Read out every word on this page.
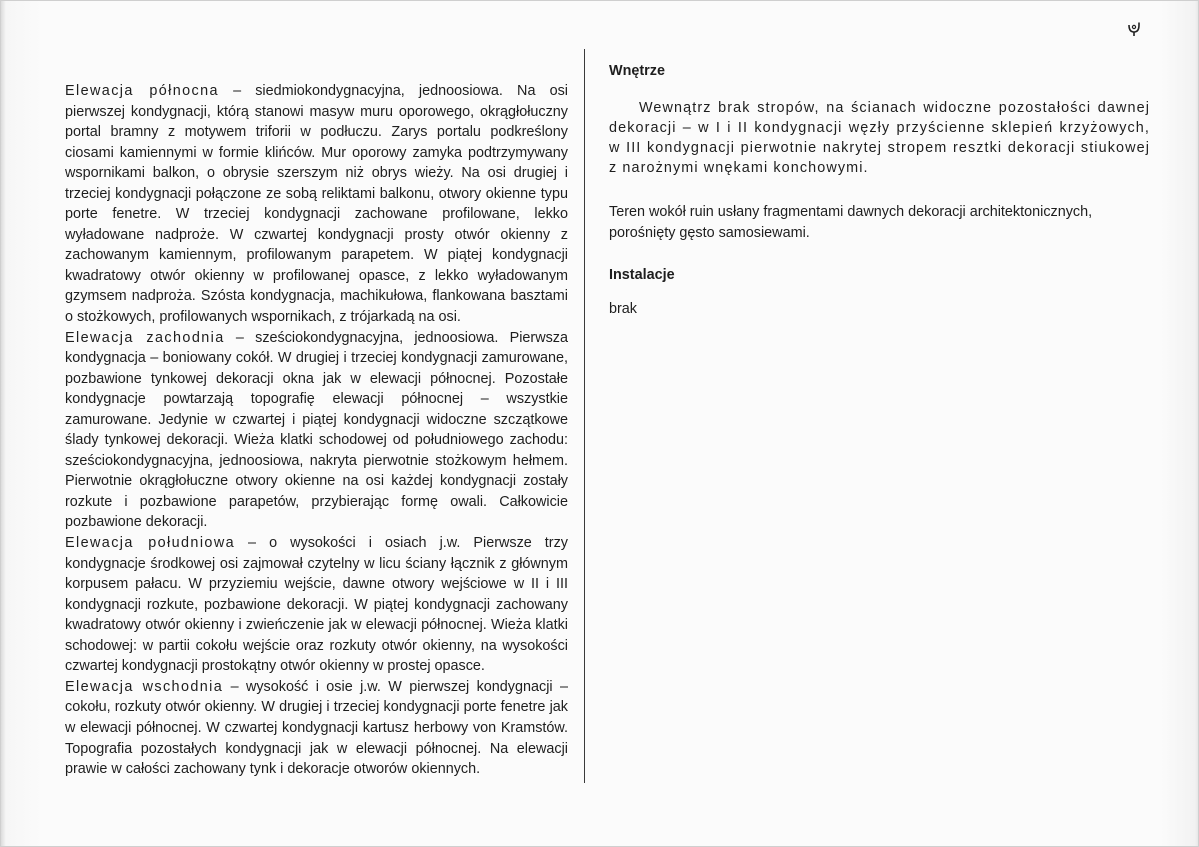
Elewacja północna – siedmiokondygnacyjna, jednoosiowa. Na osi pierwszej kondygnacji, którą stanowi masyw muru oporowego, okrągłołuczny portal bramny z motywem triforii w podłuczu. Zarys portalu podkreślony ciosami kamiennymi w formie klińców. Mur oporowy zamyka podtrzymywany wspornikami balkon, o obrysie szerszym niż obrys wieży. Na osi drugiej i trzeciej kondygnacji połączone ze sobą reliktami balkonu, otwory okienne typu porte fenetre. W trzeciej kondygnacji zachowane profilowane, lekko wyładowane nadproże. W czwartej kondygnacji prosty otwór okienny z zachowanym kamiennym, profilowanym parapetem. W piątej kondygnacji kwadratowy otwór okienny w profilowanej opasce, z lekko wyładowanym gzymsem nadproża. Szósta kondygnacja, machikułowa, flankowana basztami o stożkowych, profilowanych wspornikach, z trójarkadą na osi.

Elewacja zachodnia – sześciokondygnacyjna, jednoosiowa. Pierwsza kondygnacja – boniowany cokół. W drugiej i trzeciej kondygnacji zamurowane, pozbawione tynkowej dekoracji okna jak w elewacji północnej. Pozostałe kondygnacje powtarzają topografię elewacji północnej – wszystkie zamurowane. Jedynie w czwartej i piątej kondygnacji widoczne szczątkowe ślady tynkowej dekoracji. Wieża klatki schodowej od południowego zachodu: sześciokondygnacyjna, jednoosiowa, nakryta pierwotnie stożkowym hełmem. Pierwotnie okrągłołuczne otwory okienne na osi każdej kondygnacji zostały rozkute i pozbawione parapetów, przybierając formę owali. Całkowicie pozbawione dekoracji.

Elewacja południowa – o wysokości i osiach j.w. Pierwsze trzy kondygnacje środkowej osi zajmował czytelny w licu ściany łącznik z głównym korpusem pałacu. W przyziemiu wejście, dawne otwory wejściowe w II i III kondygnacji rozkute, pozbawione dekoracji. W piątej kondygnacji zachowany kwadratowy otwór okienny i zwieńczenie jak w elewacji północnej. Wieża klatki schodowej: w partii cokołu wejście oraz rozkuty otwór okienny, na wysokości czwartej kondygnacji prostokątny otwór okienny w prostej opasce.

Elewacja wschodnia – wysokość i osie j.w. W pierwszej kondygnacji – cokołu, rozkuty otwór okienny. W drugiej i trzeciej kondygnacji porte fenetre jak w elewacji północnej. W czwartej kondygnacji kartusz herbowy von Kramstów. Topografia pozostałych kondygnacji jak w elewacji północnej. Na elewacji prawie w całości zachowany tynk i dekoracje otworów okiennych.

Wnętrze

Wewnątrz brak stropów, na ścianach widoczne pozostałości dawnej dekoracji – w I i II kondygnacji węzły przyścienne sklepień krzyżowych, w III kondygnacji pierwotnie nakrytej stropem resztki dekoracji stiukowej z narożnymi wnękami konchowymi.

Teren wokół ruin usłany fragmentami dawnych dekoracji architektonicznych, porośnięty gęsto samosiewami.

Instalacje

brak
